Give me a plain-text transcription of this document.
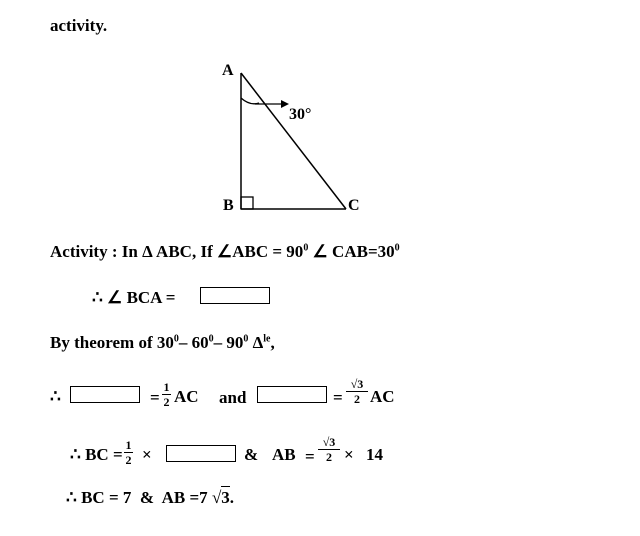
activity.
A
B	C
30°
Activity : In Δ ABC, If ∠ABC = $90^0$ ∠ $CAB=30^0$
∴ ∠ BCA =
By theorem of $30^0-$ $60^0-$ $90^0$ $\Delta^{le}$,
∴	=
1
2 AC and	=
√3
2 AC
∴ BC = 1
2 ×	& AB =
√3
2 × 14
∴ BC = 7 & AB =7 √3.
